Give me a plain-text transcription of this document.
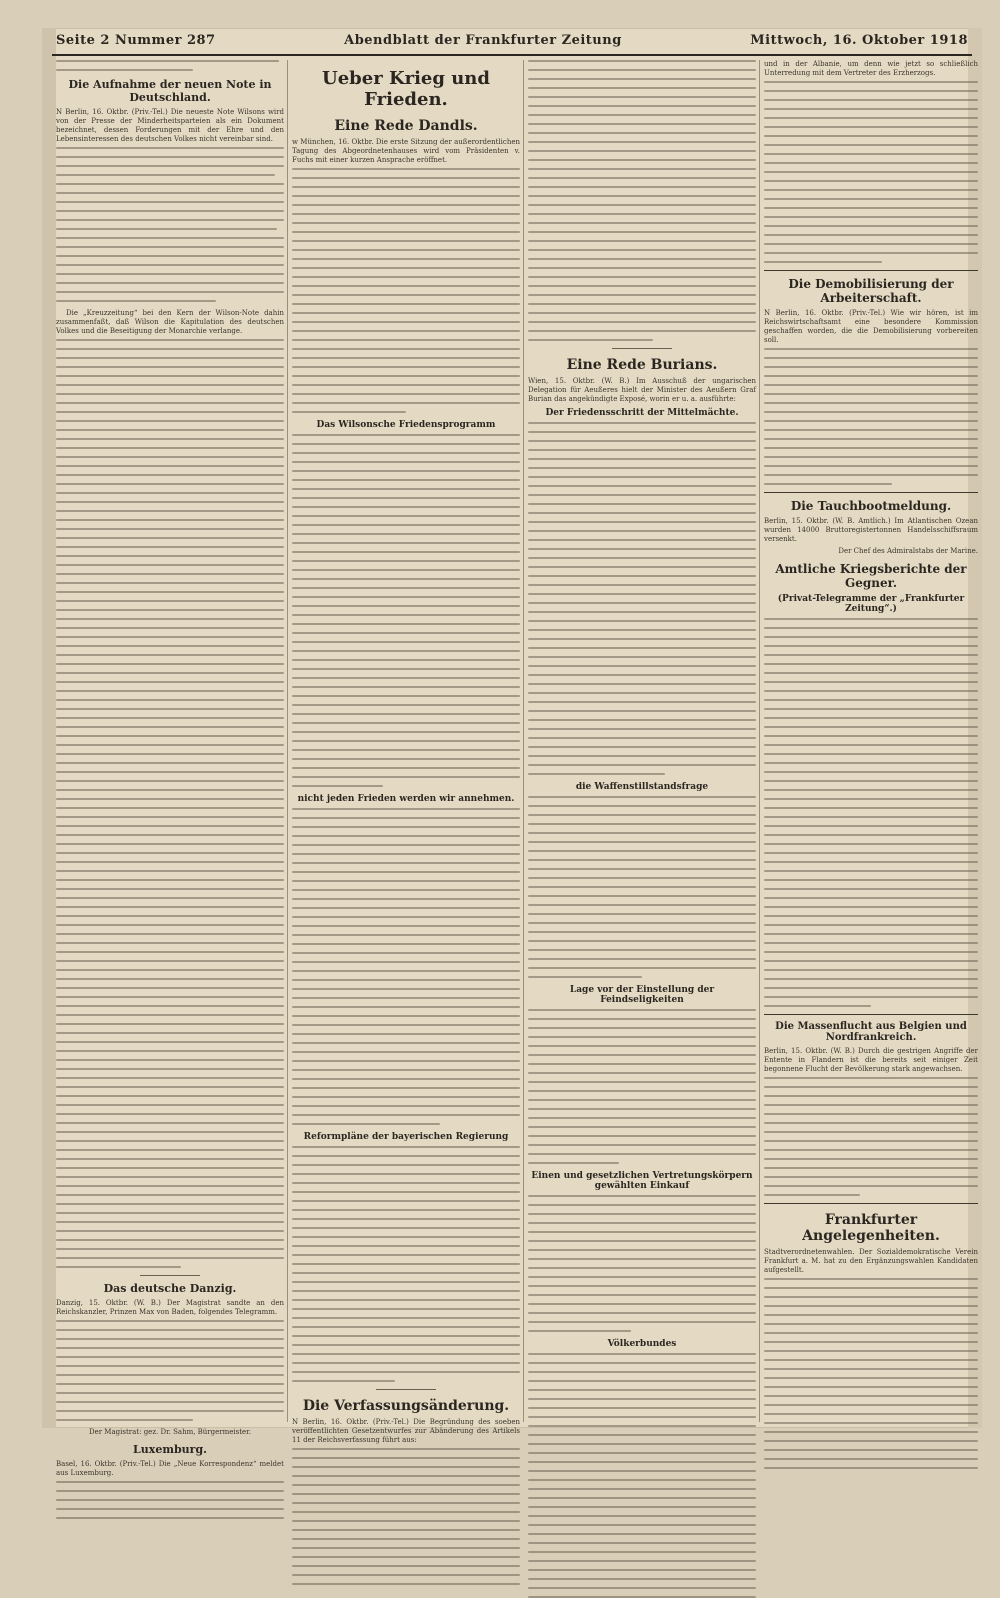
Seite 2 Nummer 287	Abendblatt der Frankfurter Zeitung	Mittwoch, 16. Oktober 1918
Die Aufnahme der neuen Note in Deutschland.

N Berlin, 16. Oktbr. (Priv.-Tel.) Die neueste Note Wilsons wird von der Presse der Minderheitsparteien als ein Dokument bezeichnet, dessen Forderungen mit der Ehre und den Lebensinteressen des deutschen Volkes nicht vereinbar sind.

Die „Kreuzzeitung“ bei den Kern der Wilson-Note dahin zusammenfaßt, daß Wilson die Kapitulation des deutschen Volkes und die Beseitigung der Monarchie verlange.

Das deutsche Danzig.

Danzig, 15. Oktbr. (W. B.) Der Magistrat sandte an den Reichskanzler, Prinzen Max von Baden, folgendes Telegramm.

Der Magistrat: gez. Dr. Sahm, Bürgermeister.

Luxemburg.

Basel, 16. Oktbr. (Priv.-Tel.) Die „Neue Korrespondenz“ meldet aus Luxemburg.

Ueber Krieg und Frieden.
Eine Rede Dandls.

w München, 16. Oktbr. Die erste Sitzung der außerordentlichen Tagung des Abgeordnetenhauses wird vom Präsidenten v. Fuchs mit einer kurzen Ansprache eröffnet.

Das Wilsonsche Friedensprogramm
nicht jeden Frieden werden wir annehmen.
Reformpläne der bayerischen Regierung
Die Verfassungsänderung.

N Berlin, 16. Oktbr. (Priv.-Tel.) Die Begründung des soeben veröffentlichten Gesetzentwurfes zur Abänderung des Artikels 11 der Reichsverfassung führt aus:

Eine Rede Burians.

Wien, 15. Oktbr. (W. B.) Im Ausschuß der ungarischen Delegation für Aeußeres hielt der Minister des Aeußern Graf Burian das angekündigte Exposé, worin er u. a. ausführte:

Der Friedensschritt der Mittelmächte.
die Waffenstillstandsfrage
Lage vor der Einstellung der Feindseligkeiten
Einen und gesetzlichen Vertretungskörpern gewählten Einkauf
Völkerbundes

und in der Albanie, um denn wie jetzt so schließlich Unterredung mit dem Vertreter des Erzherzogs.

Die Demobilisierung der Arbeiterschaft.

N Berlin, 16. Oktbr. (Priv.-Tel.) Wie wir hören, ist im Reichswirtschaftsamt eine besondere Kommission geschaffen worden, die die Demobilisierung vorbereiten soll.

Die Tauchbootmeldung.

Berlin, 15. Oktbr. (W. B. Amtlich.) Im Atlantischen Ozean wurden 14000 Bruttoregistertonnen Handelsschiffsraum versenkt.

Der Chef des Admiralstabs der Marine.

Amtliche Kriegsberichte der Gegner.
(Privat-Telegramme der „Frankfurter Zeitung“.)
Die Massenflucht aus Belgien und Nordfrankreich.

Berlin, 15. Oktbr. (W. B.) Durch die gestrigen Angriffe der Entente in Flandern ist die bereits seit einiger Zeit begonnene Flucht der Bevölkerung stark angewachsen.

Frankfurter Angelegenheiten.

Stadtverordnetenwahlen. Der Sozialdemokratische Verein Frankfurt a. M. hat zu den Ergänzungswahlen Kandidaten aufgestellt.
